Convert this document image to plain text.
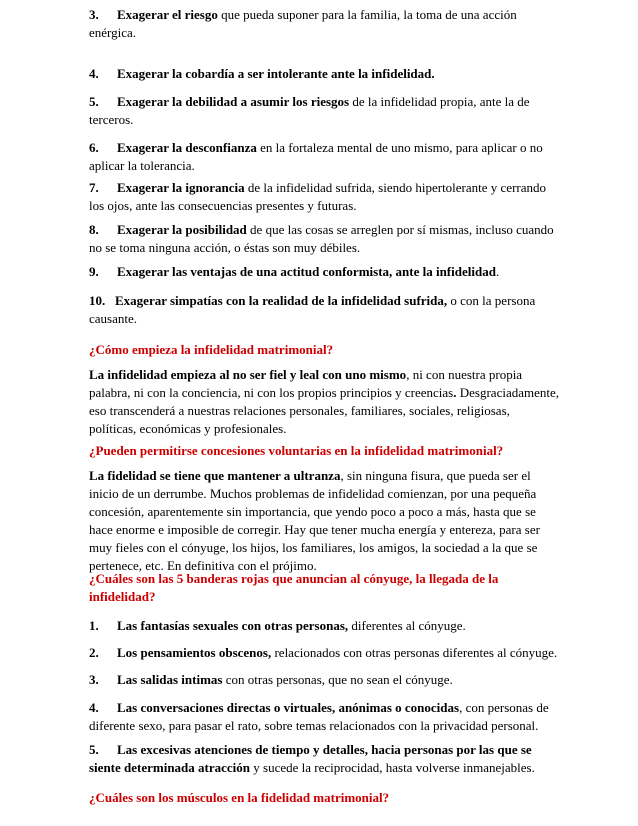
3. Exagerar el riesgo que pueda suponer para la familia, la toma de una acción enérgica.

4. Exagerar la cobardía a ser intolerante ante la infidelidad.

5. Exagerar la debilidad a asumir los riesgos de la infidelidad propia, ante la de terceros.

6. Exagerar la desconfianza en la fortaleza mental de uno mismo, para aplicar o no aplicar la tolerancia.

7. Exagerar la ignorancia de la infidelidad sufrida, siendo hipertolerante y cerrando los ojos, ante las consecuencias presentes y futuras.

8. Exagerar la posibilidad de que las cosas se arreglen por sí mismas, incluso cuando no se toma ninguna acción, o éstas son muy débiles.

9. Exagerar las ventajas de una actitud conformista, ante la infidelidad.

10. Exagerar simpatías con la realidad de la infidelidad sufrida, o con la persona causante.

¿Cómo empieza la infidelidad matrimonial?

La infidelidad empieza al no ser fiel y leal con uno mismo, ni con nuestra propia palabra, ni con la conciencia, ni con los propios principios y creencias. Desgraciadamente, eso transcenderá a nuestras relaciones personales, familiares, sociales, religiosas, políticas, económicas y profesionales.

¿Pueden permitirse concesiones voluntarias en la infidelidad matrimonial?

La fidelidad se tiene que mantener a ultranza, sin ninguna fisura, que pueda ser el inicio de un derrumbe. Muchos problemas de infidelidad comienzan, por una pequeña concesión, aparentemente sin importancia, que yendo poco a poco a más, hasta que se hace enorme e imposible de corregir. Hay que tener mucha energía y entereza, para ser muy fieles con el cónyuge, los hijos, los familiares, los amigos, la sociedad a la que se pertenece, etc. En definitiva con el prójimo.

¿Cuáles son las 5 banderas rojas que anuncian al cónyuge, la llegada de la infidelidad?

1. Las fantasías sexuales con otras personas, diferentes al cónyuge.

2. Los pensamientos obscenos, relacionados con otras personas diferentes al cónyuge.

3. Las salidas intimas con otras personas, que no sean el cónyuge.

4. Las conversaciones directas o virtuales, anónimas o conocidas, con personas de diferente sexo, para pasar el rato, sobre temas relacionados con la privacidad personal.

5. Las excesivas atenciones de tiempo y detalles, hacia personas por las que se siente determinada atracción y sucede la reciprocidad, hasta volverse inmanejables.

¿Cuáles son los músculos en la fidelidad matrimonial?
